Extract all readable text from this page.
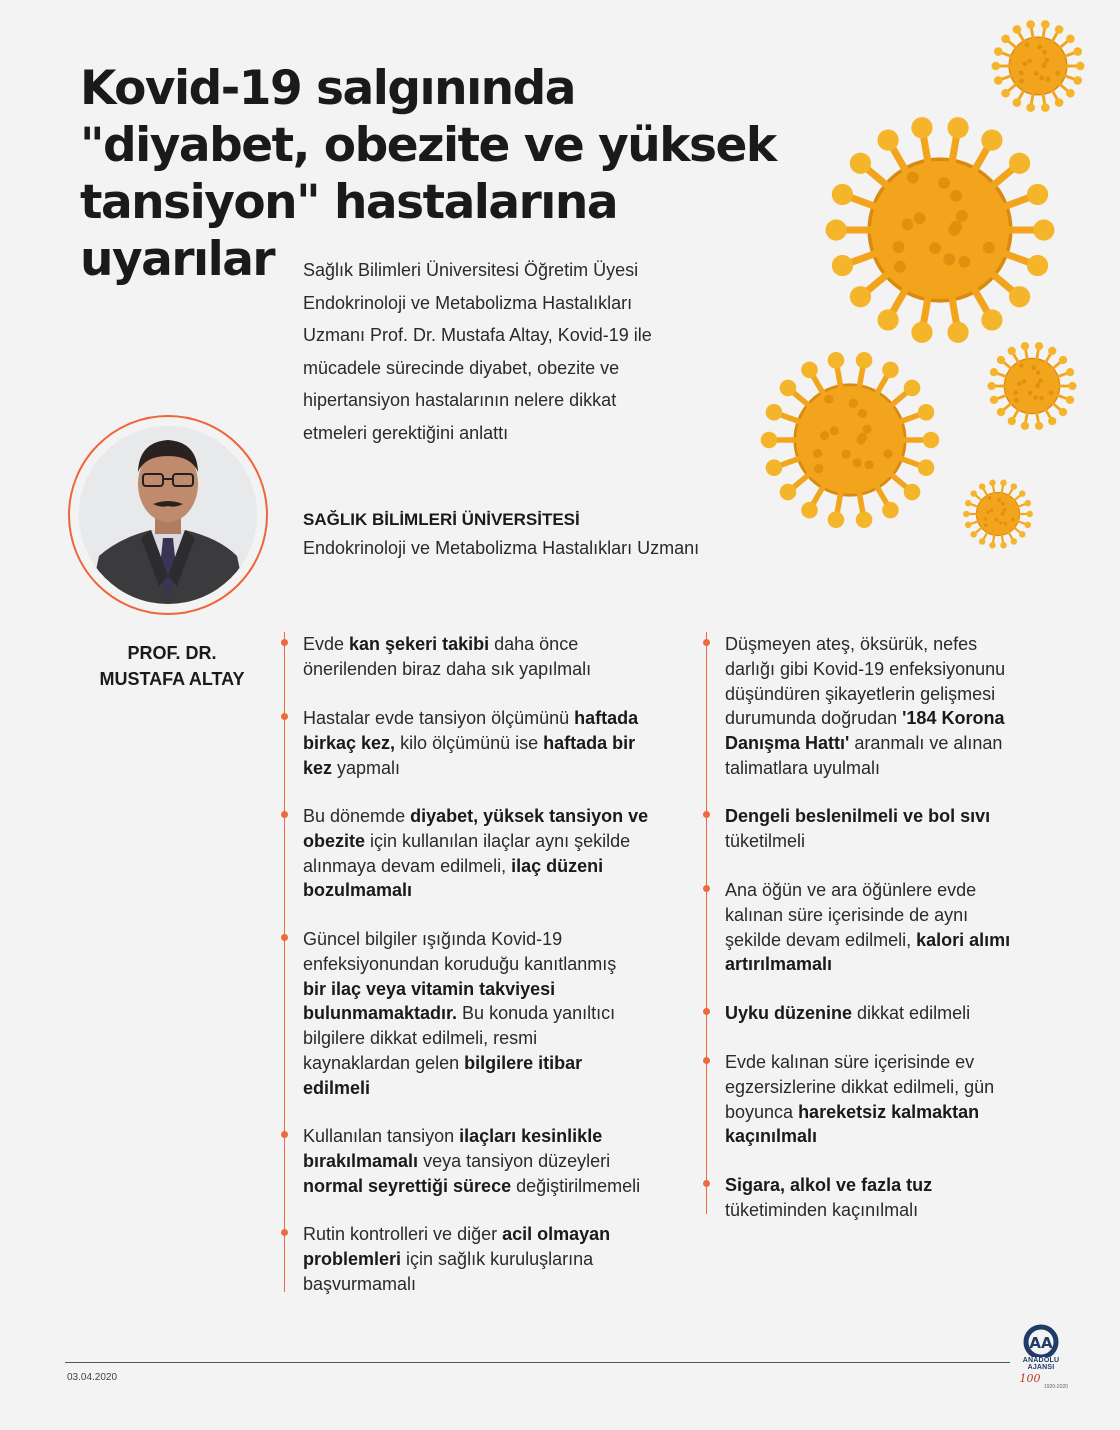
Kovid-19 salgınında
"diyabet, obezite ve yüksek
tansiyon" hastalarına
uyarılar	Sağlık Bilimleri Üniversitesi Öğretim Üyesi
Endokrinoloji ve Metabolizma Hastalıkları
Uzmanı Prof. Dr. Mustafa Altay, Kovid-19 ile
mücadele sürecinde diyabet, obezite ve
hipertansiyon hastalarının nelere dikkat
etmeleri gerektiğini anlattı

SAĞLIK BİLİMLERİ ÜNİVERSİTESİ

Endokrinoloji ve Metabolizma Hastalıkları Uzmanı

PROF. DR.
MUSTAFA ALTAY
Evde kan şekeri takibi daha önce
önerilenden biraz daha sık yapılmalı
Hastalar evde tansiyon ölçümünü haftada
birkaç kez, kilo ölçümünü ise haftada bir
kez yapmalı
Bu dönemde diyabet, yüksek tansiyon ve
obezite için kullanılan ilaçlar aynı şekilde
alınmaya devam edilmeli, ilaç düzeni
bozulmamalı
Güncel bilgiler ışığında Kovid-19
enfeksiyonundan koruduğu kanıtlanmış
bir ilaç veya vitamin takviyesi
bulunmamaktadır. Bu konuda yanıltıcı
bilgilere dikkat edilmeli, resmi
kaynaklardan gelen bilgilere itibar
edilmeli
Kullanılan tansiyon ilaçları kesinlikle
bırakılmamalı veya tansiyon düzeyleri
normal seyrettiği sürece değiştirilmemeli
Rutin kontrolleri ve diğer acil olmayan
problemleri için sağlık kuruluşlarına
başvurmamalı
Düşmeyen ateş, öksürük, nefes
darlığı gibi Kovid-19 enfeksiyonunu
düşündüren şikayetlerin gelişmesi
durumunda doğrudan '184 Korona
Danışma Hattı' aranmalı ve alınan
talimatlara uyulmalı
Dengeli beslenilmeli ve bol sıvı
tüketilmeli
Ana öğün ve ara öğünlere evde
kalınan süre içerisinde de aynı
şekilde devam edilmeli, kalori alımı
artırılmamalı
Uyku düzenine dikkat edilmeli
Evde kalınan süre içerisinde ev
egzersizlerine dikkat edilmeli, gün
boyunca hareketsiz kalmaktan
kaçınılmalı
Sigara, alkol ve fazla tuz
tüketiminden kaçınılmalı
03.04.2020
AA
100
ANADOLU AJANSI
1920-2020
